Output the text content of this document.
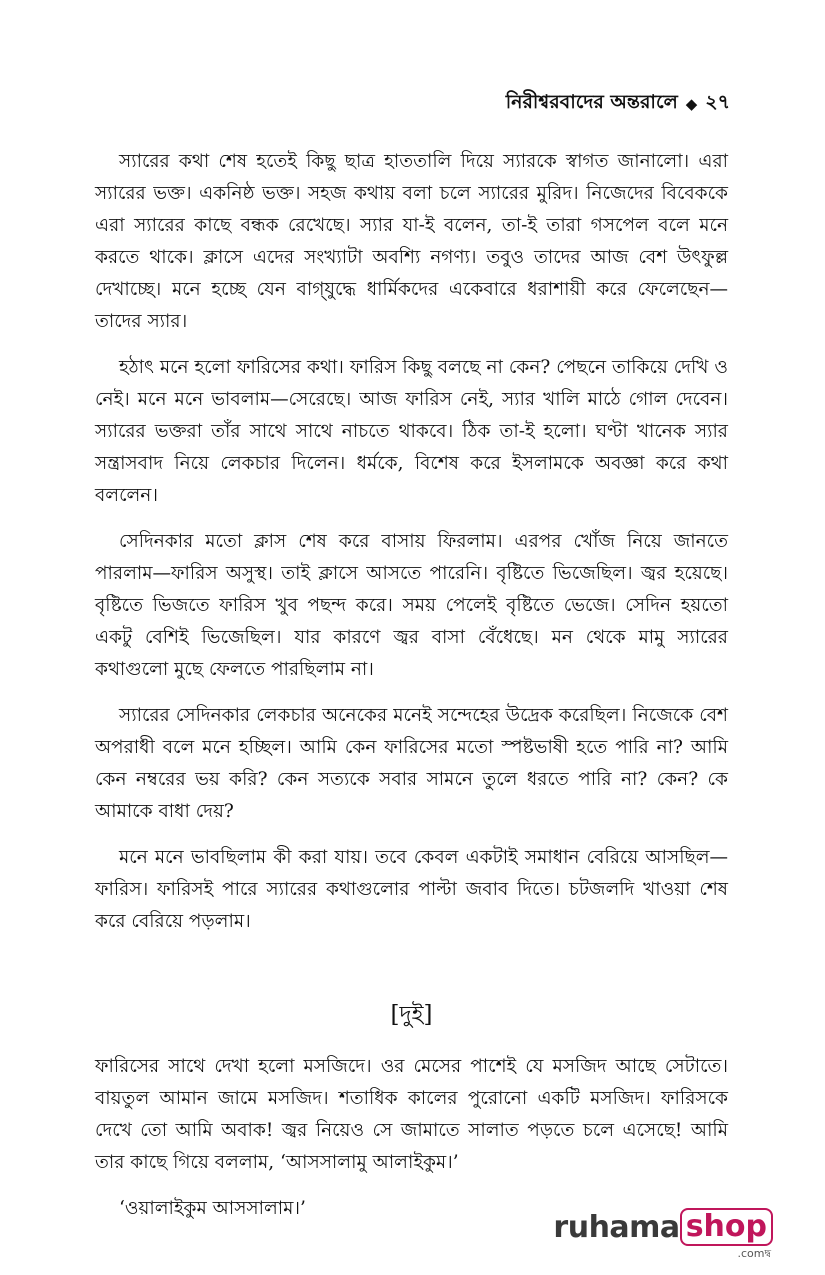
নিরীশ্বরবাদের অন্তরালে ◆ ২৭

স্যারের কথা শেষ হতেই কিছু ছাত্র হাততালি দিয়ে স্যারকে স্বাগত জানালো। এরা স্যারের ভক্ত। একনিষ্ঠ ভক্ত। সহজ কথায় বলা চলে স্যারের মুরিদ। নিজেদের বিবেককে এরা স্যারের কাছে বন্ধক রেখেছে। স্যার যা-ই বলেন, তা-ই তারা গসপেল বলে মনে করতে থাকে। ক্লাসে এদের সংখ্যাটা অবশ্যি নগণ্য। তবুও তাদের আজ বেশ উৎফুল্ল দেখাচ্ছে। মনে হচ্ছে যেন বাগ্‌যুদ্ধে ধার্মিকদের একেবারে ধরাশায়ী করে ফেলেছেন—তাদের স্যার।

হঠাৎ মনে হলো ফারিসের কথা। ফারিস কিছু বলছে না কেন? পেছনে তাকিয়ে দেখি ও নেই। মনে মনে ভাবলাম—সেরেছে। আজ ফারিস নেই, স্যার খালি মাঠে গোল দেবেন। স্যারের ভক্তরা তাঁর সাথে সাথে নাচতে থাকবে। ঠিক তা-ই হলো। ঘণ্টা খানেক স্যার সন্ত্রাসবাদ নিয়ে লেকচার দিলেন। ধর্মকে, বিশেষ করে ইসলামকে অবজ্ঞা করে কথা বললেন।

সেদিনকার মতো ক্লাস শেষ করে বাসায় ফিরলাম। এরপর খোঁজ নিয়ে জানতে পারলাম—ফারিস অসুস্থ। তাই ক্লাসে আসতে পারেনি। বৃষ্টিতে ভিজেছিল। জ্বর হয়েছে। বৃষ্টিতে ভিজতে ফারিস খুব পছন্দ করে। সময় পেলেই বৃষ্টিতে ভেজে। সেদিন হয়তো একটু বেশিই ভিজেছিল। যার কারণে জ্বর বাসা বেঁধেছে। মন থেকে মামু স্যারের কথাগুলো মুছে ফেলতে পারছিলাম না।

স্যারের সেদিনকার লেকচার অনেকের মনেই সন্দেহের উদ্রেক করেছিল। নিজেকে বেশ অপরাধী বলে মনে হচ্ছিল। আমি কেন ফারিসের মতো স্পষ্টভাষী হতে পারি না? আমি কেন নম্বরের ভয় করি? কেন সত্যকে সবার সামনে তুলে ধরতে পারি না? কেন? কে আমাকে বাধা দেয়?

মনে মনে ভাবছিলাম কী করা যায়। তবে কেবল একটাই সমাধান বেরিয়ে আসছিল—ফারিস। ফারিসই পারে স্যারের কথাগুলোর পাল্টা জবাব দিতে। চটজলদি খাওয়া শেষ করে বেরিয়ে পড়লাম।

[দুই]

ফারিসের সাথে দেখা হলো মসজিদে। ওর মেসের পাশেই যে মসজিদ আছে সেটাতে। বায়তুল আমান জামে মসজিদ। শতাধিক কালের পুরোনো একটি মসজিদ। ফারিসকে দেখে তো আমি অবাক! জ্বর নিয়েও সে জামাতে সালাত পড়তে চলে এসেছে! আমি তার কাছে গিয়ে বললাম, ‘আসসালামু আলাইকুম।’

‘ওয়ালাইকুম আসসালাম।’

ruhama shop
.comদ্ব
